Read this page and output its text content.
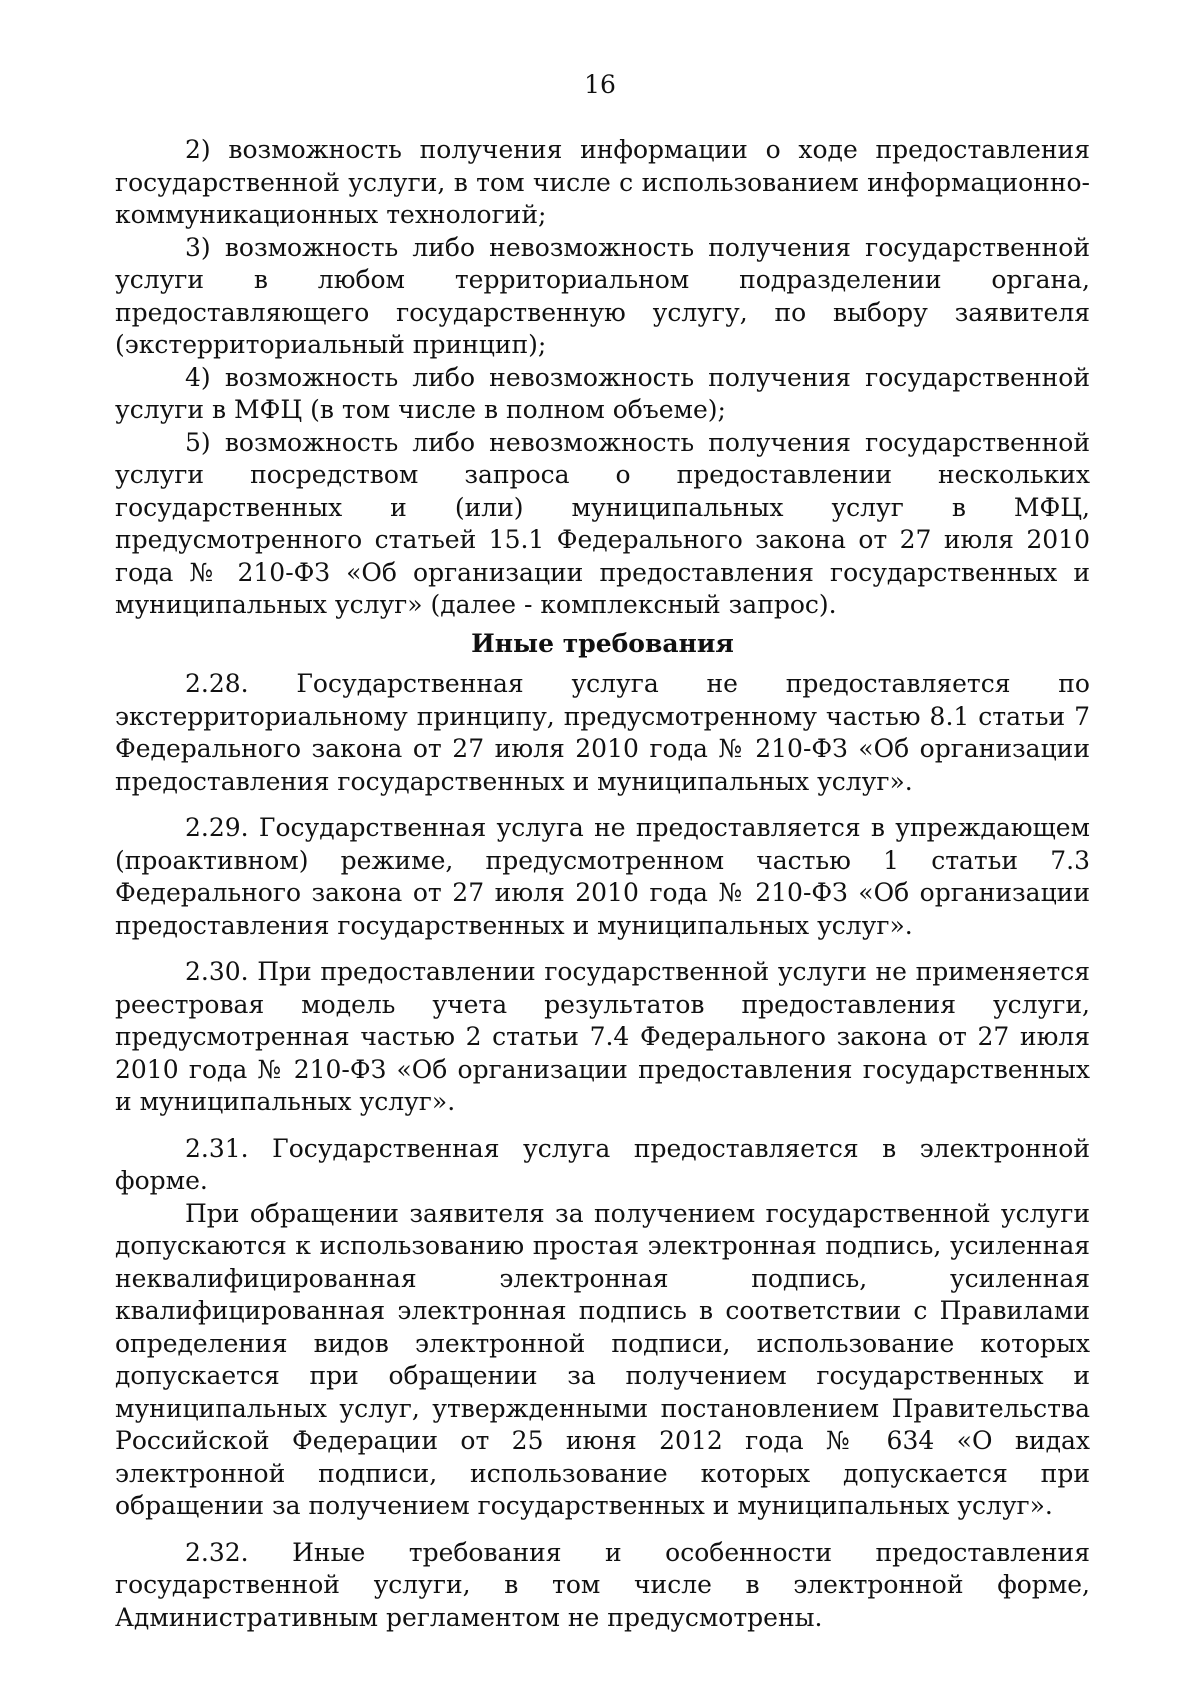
16

2) возможность получения информации о ходе предоставления государственной услуги, в том числе с использованием информационно-коммуникационных технологий;

3) возможность либо невозможность получения государственной услуги в любом территориальном подразделении органа, предоставляющего государственную услугу, по выбору заявителя (экстерриториальный принцип);

4) возможность либо невозможность получения государственной услуги в МФЦ (в том числе в полном объеме);

5) возможность либо невозможность получения государственной услуги посредством запроса о предоставлении нескольких государственных и (или) муниципальных услуг в МФЦ, предусмотренного статьей 15.1 Федерального закона от 27 июля 2010 года № 210-ФЗ «Об организации предоставления государственных и муниципальных услуг» (далее - комплексный запрос).

Иные требования

2.28. Государственная услуга не предоставляется по экстерриториальному принципу, предусмотренному частью 8.1 статьи 7 Федерального закона от 27 июля 2010 года № 210-ФЗ «Об организации предоставления государственных и муниципальных услуг».

2.29. Государственная услуга не предоставляется в упреждающем (проактивном) режиме, предусмотренном частью 1 статьи 7.3 Федерального закона от 27 июля 2010 года № 210-ФЗ «Об организации предоставления государственных и муниципальных услуг».

2.30. При предоставлении государственной услуги не применяется реестровая модель учета результатов предоставления услуги, предусмотренная частью 2 статьи 7.4 Федерального закона от 27 июля 2010 года № 210-ФЗ «Об организации предоставления государственных и муниципальных услуг».

2.31. Государственная услуга предоставляется в электронной форме.

При обращении заявителя за получением государственной услуги допускаются к использованию простая электронная подпись, усиленная неквалифицированная электронная подпись, усиленная квалифицированная электронная подпись в соответствии с Правилами определения видов электронной подписи, использование которых допускается при обращении за получением государственных и муниципальных услуг, утвержденными постановлением Правительства Российской Федерации от 25 июня 2012 года № 634 «О видах электронной подписи, использование которых допускается при обращении за получением государственных и муниципальных услуг».

2.32. Иные требования и особенности предоставления государственной услуги, в том числе в электронной форме, Административным регламентом не предусмотрены.
